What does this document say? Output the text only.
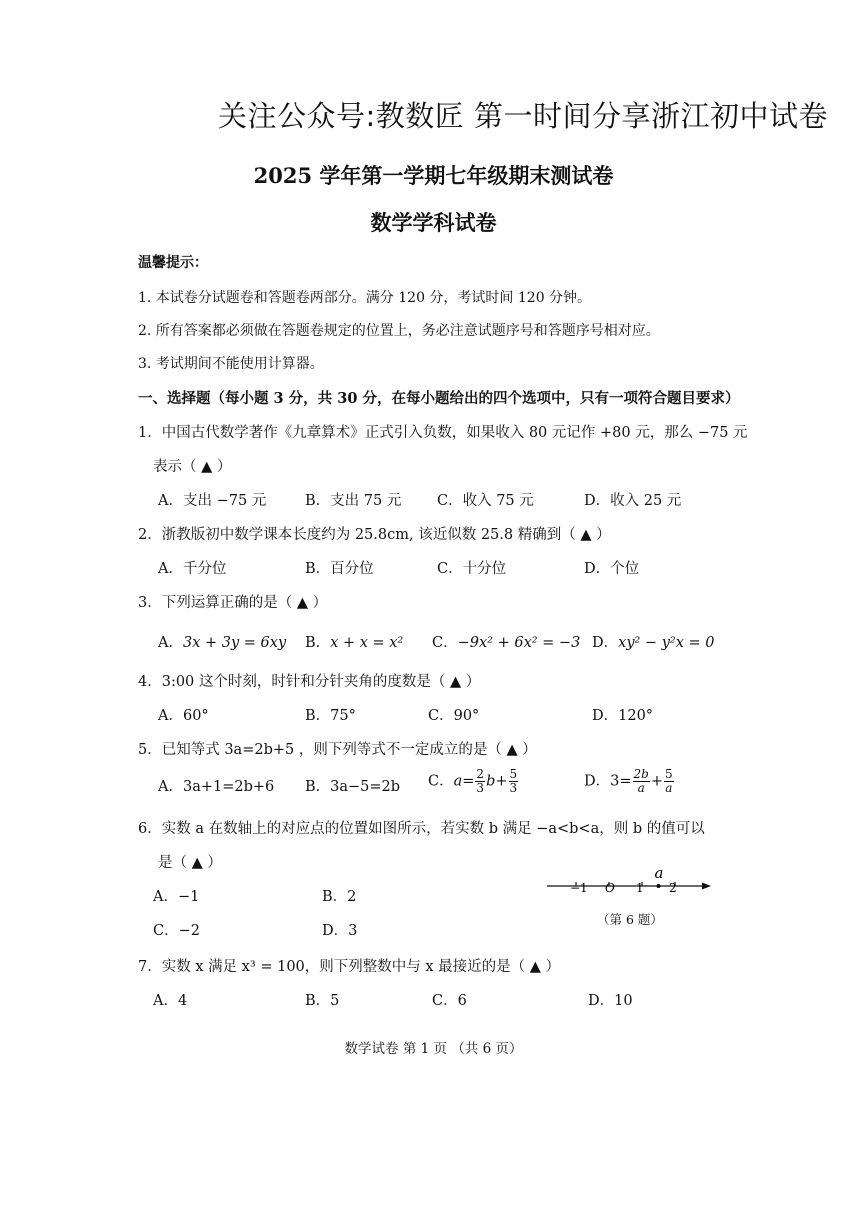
关注公众号:教数匠 第一时间分享浙江初中试卷
2025 学年第一学期七年级期末测试卷
数学学科试卷
温馨提示：
1. 本试卷分试题卷和答题卷两部分。满分 120 分，考试时间 120 分钟。
2. 所有答案都必须做在答题卷规定的位置上，务必注意试题序号和答题序号相对应。
3. 考试期间不能使用计算器。
一、选择题（每小题 3 分，共 30 分，在每小题给出的四个选项中，只有一项符合题目要求）
1．中国古代数学著作《九章算术》正式引入负数，如果收入 80 元记作 +80 元，那么 −75 元
表示（ ▲ ）
A．支出 −75 元	B．支出 75 元 C．收入 75 元	D．收入 25 元
2．浙教版初中数学课本长度约为 25.8cm, 该近似数 25.8 精确到（ ▲ ）
A．千分位	B．百分位	C．十分位	D．个位
3．下列运算正确的是（ ▲ ）
A．3x + 3y = 6xy B．x + x = x² C．−9x² + 6x² = −3 D．xy² − y²x = 0
4．3:00 这个时刻，时针和分针夹角的度数是（ ▲ ）
A．60°	B．75°	C．90°	D．120°
5．已知等式 3a=2b+5 ，则下列等式不一定成立的是（ ▲ ）
A．3a+1=2b+6 B．3a−5=2b C．$a= \frac{2}{3} b+ \frac{5}{3}$	D．$3= \frac{2b}{a} + \frac{5}{a}$
6．实数 a 在数轴上的对应点的位置如图所示，若实数 b 满足 −a<b<a，则 b 的值可以
是（ ▲ ）
A．−1	B．2
C．−2	D．3
−1 O 1 2
a
（第 6 题）
7．实数 x 满足 x³ = 100，则下列整数中与 x 最接近的是（ ▲ ）
A．4	B．5	C．6	D．10
数学试卷 第 1 页 （共 6 页）
